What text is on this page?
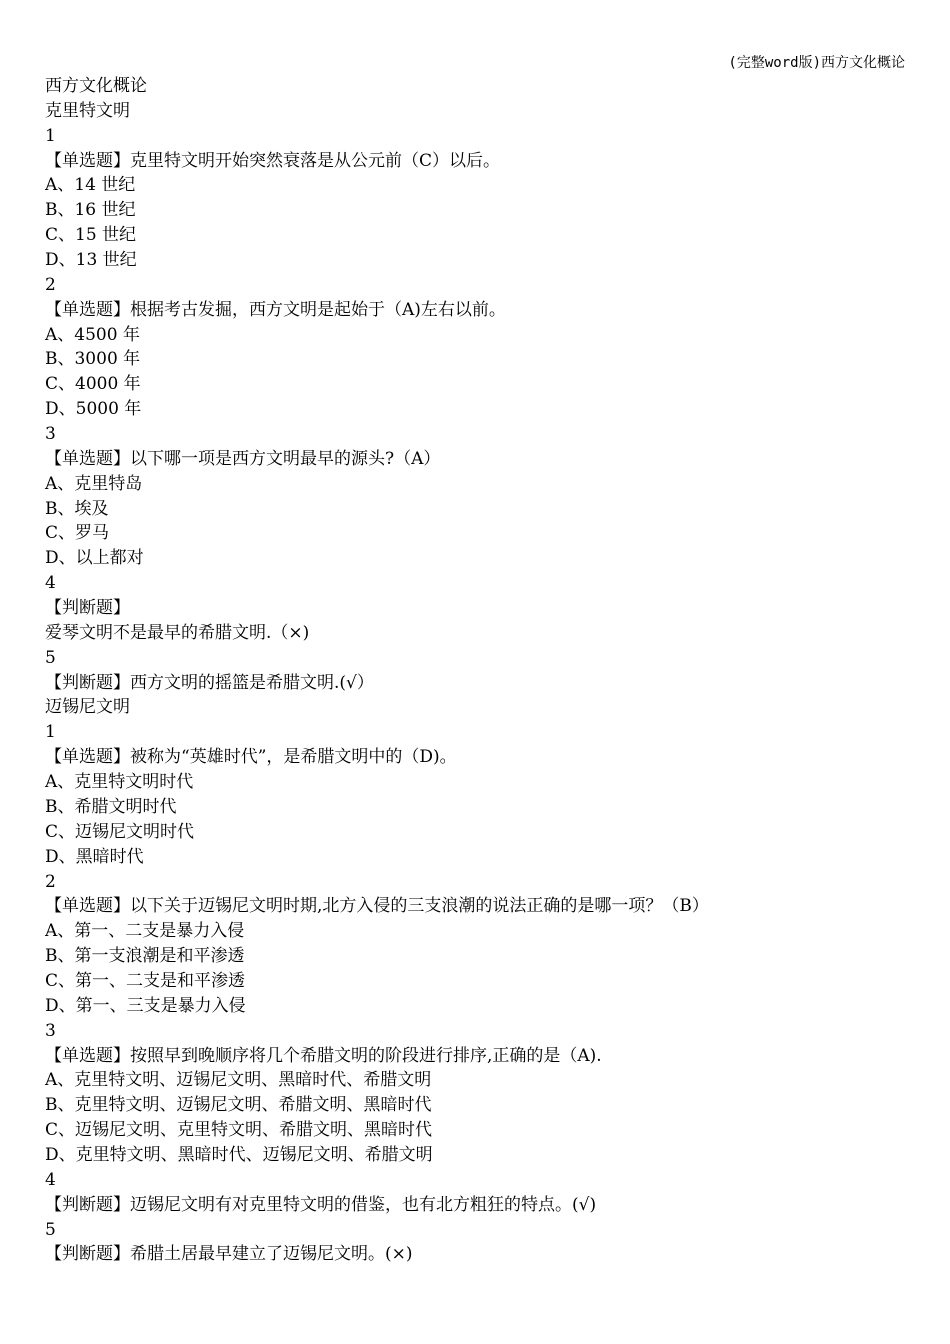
(完整word版)西方文化概论
西方文化概论
克里特文明
1
【单选题】克里特文明开始突然衰落是从公元前（C）以后。
A、14 世纪
B、16 世纪
C、15 世纪
D、13 世纪
2
【单选题】根据考古发掘，西方文明是起始于（A)左右以前。
A、4500 年
B、3000 年
C、4000 年
D、5000 年
3
【单选题】以下哪一项是西方文明最早的源头?（A）
A、克里特岛
B、埃及
C、罗马
D、以上都对
4
【判断题】
爱琴文明不是最早的希腊文明.（×)
5
【判断题】西方文明的摇篮是希腊文明.(√）
迈锡尼文明
1
【单选题】被称为“英雄时代”，是希腊文明中的（D)。
A、克里特文明时代
B、希腊文明时代
C、迈锡尼文明时代
D、黑暗时代
2
【单选题】以下关于迈锡尼文明时期,北方入侵的三支浪潮的说法正确的是哪一项？（B）
A、第一、二支是暴力入侵
B、第一支浪潮是和平渗透
C、第一、二支是和平渗透
D、第一、三支是暴力入侵
3
【单选题】按照早到晚顺序将几个希腊文明的阶段进行排序,正确的是（A).
A、克里特文明、迈锡尼文明、黑暗时代、希腊文明
B、克里特文明、迈锡尼文明、希腊文明、黑暗时代
C、迈锡尼文明、克里特文明、希腊文明、黑暗时代
D、克里特文明、黑暗时代、迈锡尼文明、希腊文明
4
【判断题】迈锡尼文明有对克里特文明的借鉴，也有北方粗狂的特点。(√)
5
【判断题】希腊土居最早建立了迈锡尼文明。(×)
